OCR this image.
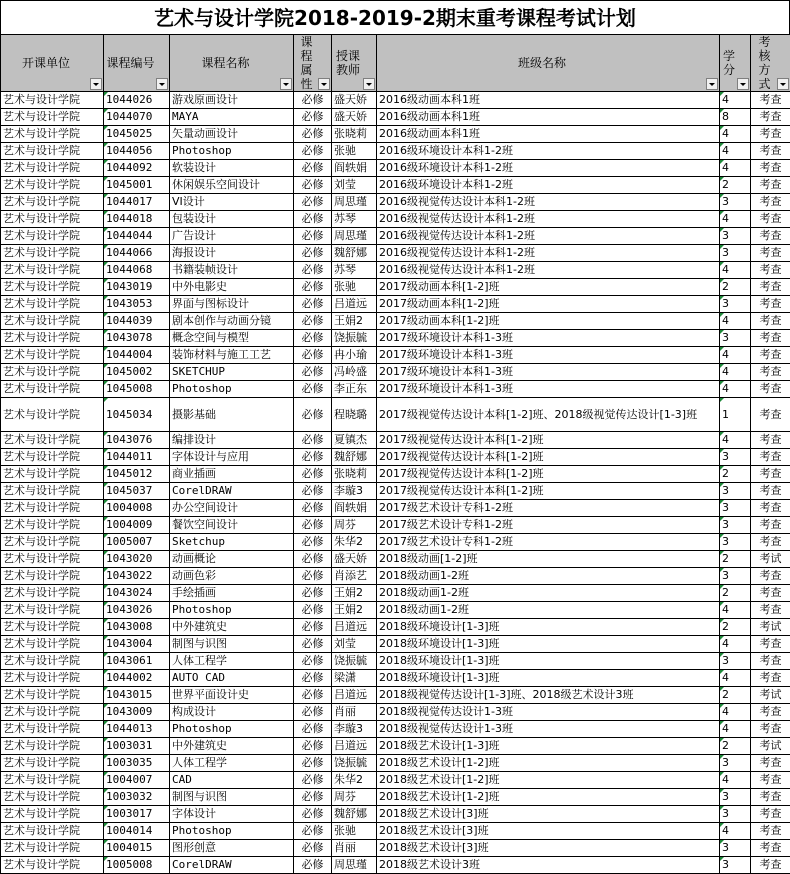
艺术与设计学院2018-2019-2期末重考课程考试计划
开课单位	课程编号	课程名称	课程属性	授课教师	班级名称	学分	考核方式

艺术与设计学院	1044026	游戏原画设计	必修	盛天娇	2016级动画本科1班	4	考查
艺术与设计学院	1044070	MAYA	必修	盛天娇	2016级动画本科1班	8	考查
艺术与设计学院	1045025	矢量动画设计	必修	张晓莉	2016级动画本科1班	4	考查
艺术与设计学院	1044056	Photoshop	必修	张驰	2016级环境设计本科1-2班	4	考查
艺术与设计学院	1044092	软装设计	必修	阎轶娟	2016级环境设计本科1-2班	4	考查
艺术与设计学院	1045001	休闲娱乐空间设计	必修	刘莹	2016级环境设计本科1-2班	2	考查
艺术与设计学院	1044017	VI设计	必修	周思瑾	2016级视觉传达设计本科1-2班	3	考查
艺术与设计学院	1044018	包装设计	必修	苏琴	2016级视觉传达设计本科1-2班	4	考查
艺术与设计学院	1044044	广告设计	必修	周思瑾	2016级视觉传达设计本科1-2班	3	考查
艺术与设计学院	1044066	海报设计	必修	魏舒娜	2016级视觉传达设计本科1-2班	3	考查
艺术与设计学院	1044068	书籍装帧设计	必修	苏琴	2016级视觉传达设计本科1-2班	4	考查
艺术与设计学院	1043019	中外电影史	必修	张驰	2017级动画本科[1-2]班	2	考查
艺术与设计学院	1043053	界面与图标设计	必修	吕道远	2017级动画本科[1-2]班	3	考查
艺术与设计学院	1044039	剧本创作与动画分镜	必修	王娟2	2017级动画本科[1-2]班	4	考查
艺术与设计学院	1043078	概念空间与模型	必修	饶振毓	2017级环境设计本科1-3班	3	考查
艺术与设计学院	1044004	装饰材料与施工工艺	必修	冉小瑜	2017级环境设计本科1-3班	4	考查
艺术与设计学院	1045002	SKETCHUP	必修	冯岭盛	2017级环境设计本科1-3班	4	考查
艺术与设计学院	1045008	Photoshop	必修	李正东	2017级环境设计本科1-3班	4	考查
艺术与设计学院	1045034	摄影基础	必修	程晓璐	2017级视觉传达设计本科[1-2]班、2018级视觉传达设计[1-3]班	1	考查
艺术与设计学院	1043076	编排设计	必修	夏镇杰	2017级视觉传达设计本科[1-2]班	4	考查
艺术与设计学院	1044011	字体设计与应用	必修	魏舒娜	2017级视觉传达设计本科[1-2]班	3	考查
艺术与设计学院	1045012	商业插画	必修	张晓莉	2017级视觉传达设计本科[1-2]班	2	考查
艺术与设计学院	1045037	CorelDRAW	必修	李璇3	2017级视觉传达设计本科[1-2]班	3	考查
艺术与设计学院	1004008	办公空间设计	必修	阎轶娟	2017级艺术设计专科1-2班	3	考查
艺术与设计学院	1004009	餐饮空间设计	必修	周芬	2017级艺术设计专科1-2班	3	考查
艺术与设计学院	1005007	Sketchup	必修	朱华2	2017级艺术设计专科1-2班	3	考查
艺术与设计学院	1043020	动画概论	必修	盛天娇	2018级动画[1-2]班	2	考试
艺术与设计学院	1043022	动画色彩	必修	肖添艺	2018级动画1-2班	3	考查
艺术与设计学院	1043024	手绘插画	必修	王娟2	2018级动画1-2班	2	考查
艺术与设计学院	1043026	Photoshop	必修	王娟2	2018级动画1-2班	4	考查
艺术与设计学院	1043008	中外建筑史	必修	吕道远	2018级环境设计[1-3]班	2	考试
艺术与设计学院	1043004	制图与识图	必修	刘莹	2018级环境设计[1-3]班	4	考查
艺术与设计学院	1043061	人体工程学	必修	饶振毓	2018级环境设计[1-3]班	3	考查
艺术与设计学院	1044002	AUTO CAD	必修	梁潇	2018级环境设计[1-3]班	4	考查
艺术与设计学院	1043015	世界平面设计史	必修	吕道远	2018级视觉传达设计[1-3]班、2018级艺术设计3班	2	考试
艺术与设计学院	1043009	构成设计	必修	肖丽	2018级视觉传达设计1-3班	4	考查
艺术与设计学院	1044013	Photoshop	必修	李璇3	2018级视觉传达设计1-3班	4	考查
艺术与设计学院	1003031	中外建筑史	必修	吕道远	2018级艺术设计[1-3]班	2	考试
艺术与设计学院	1003035	人体工程学	必修	饶振毓	2018级艺术设计[1-2]班	3	考查
艺术与设计学院	1004007	CAD	必修	朱华2	2018级艺术设计[1-2]班	4	考查
艺术与设计学院	1003032	制图与识图	必修	周芬	2018级艺术设计[1-2]班	3	考查
艺术与设计学院	1003017	字体设计	必修	魏舒娜	2018级艺术设计[3]班	3	考查
艺术与设计学院	1004014	Photoshop	必修	张驰	2018级艺术设计[3]班	4	考查
艺术与设计学院	1004015	图形创意	必修	肖丽	2018级艺术设计[3]班	3	考查
艺术与设计学院	1005008	CorelDRAW	必修	周思瑾	2018级艺术设计3班	3	考查
